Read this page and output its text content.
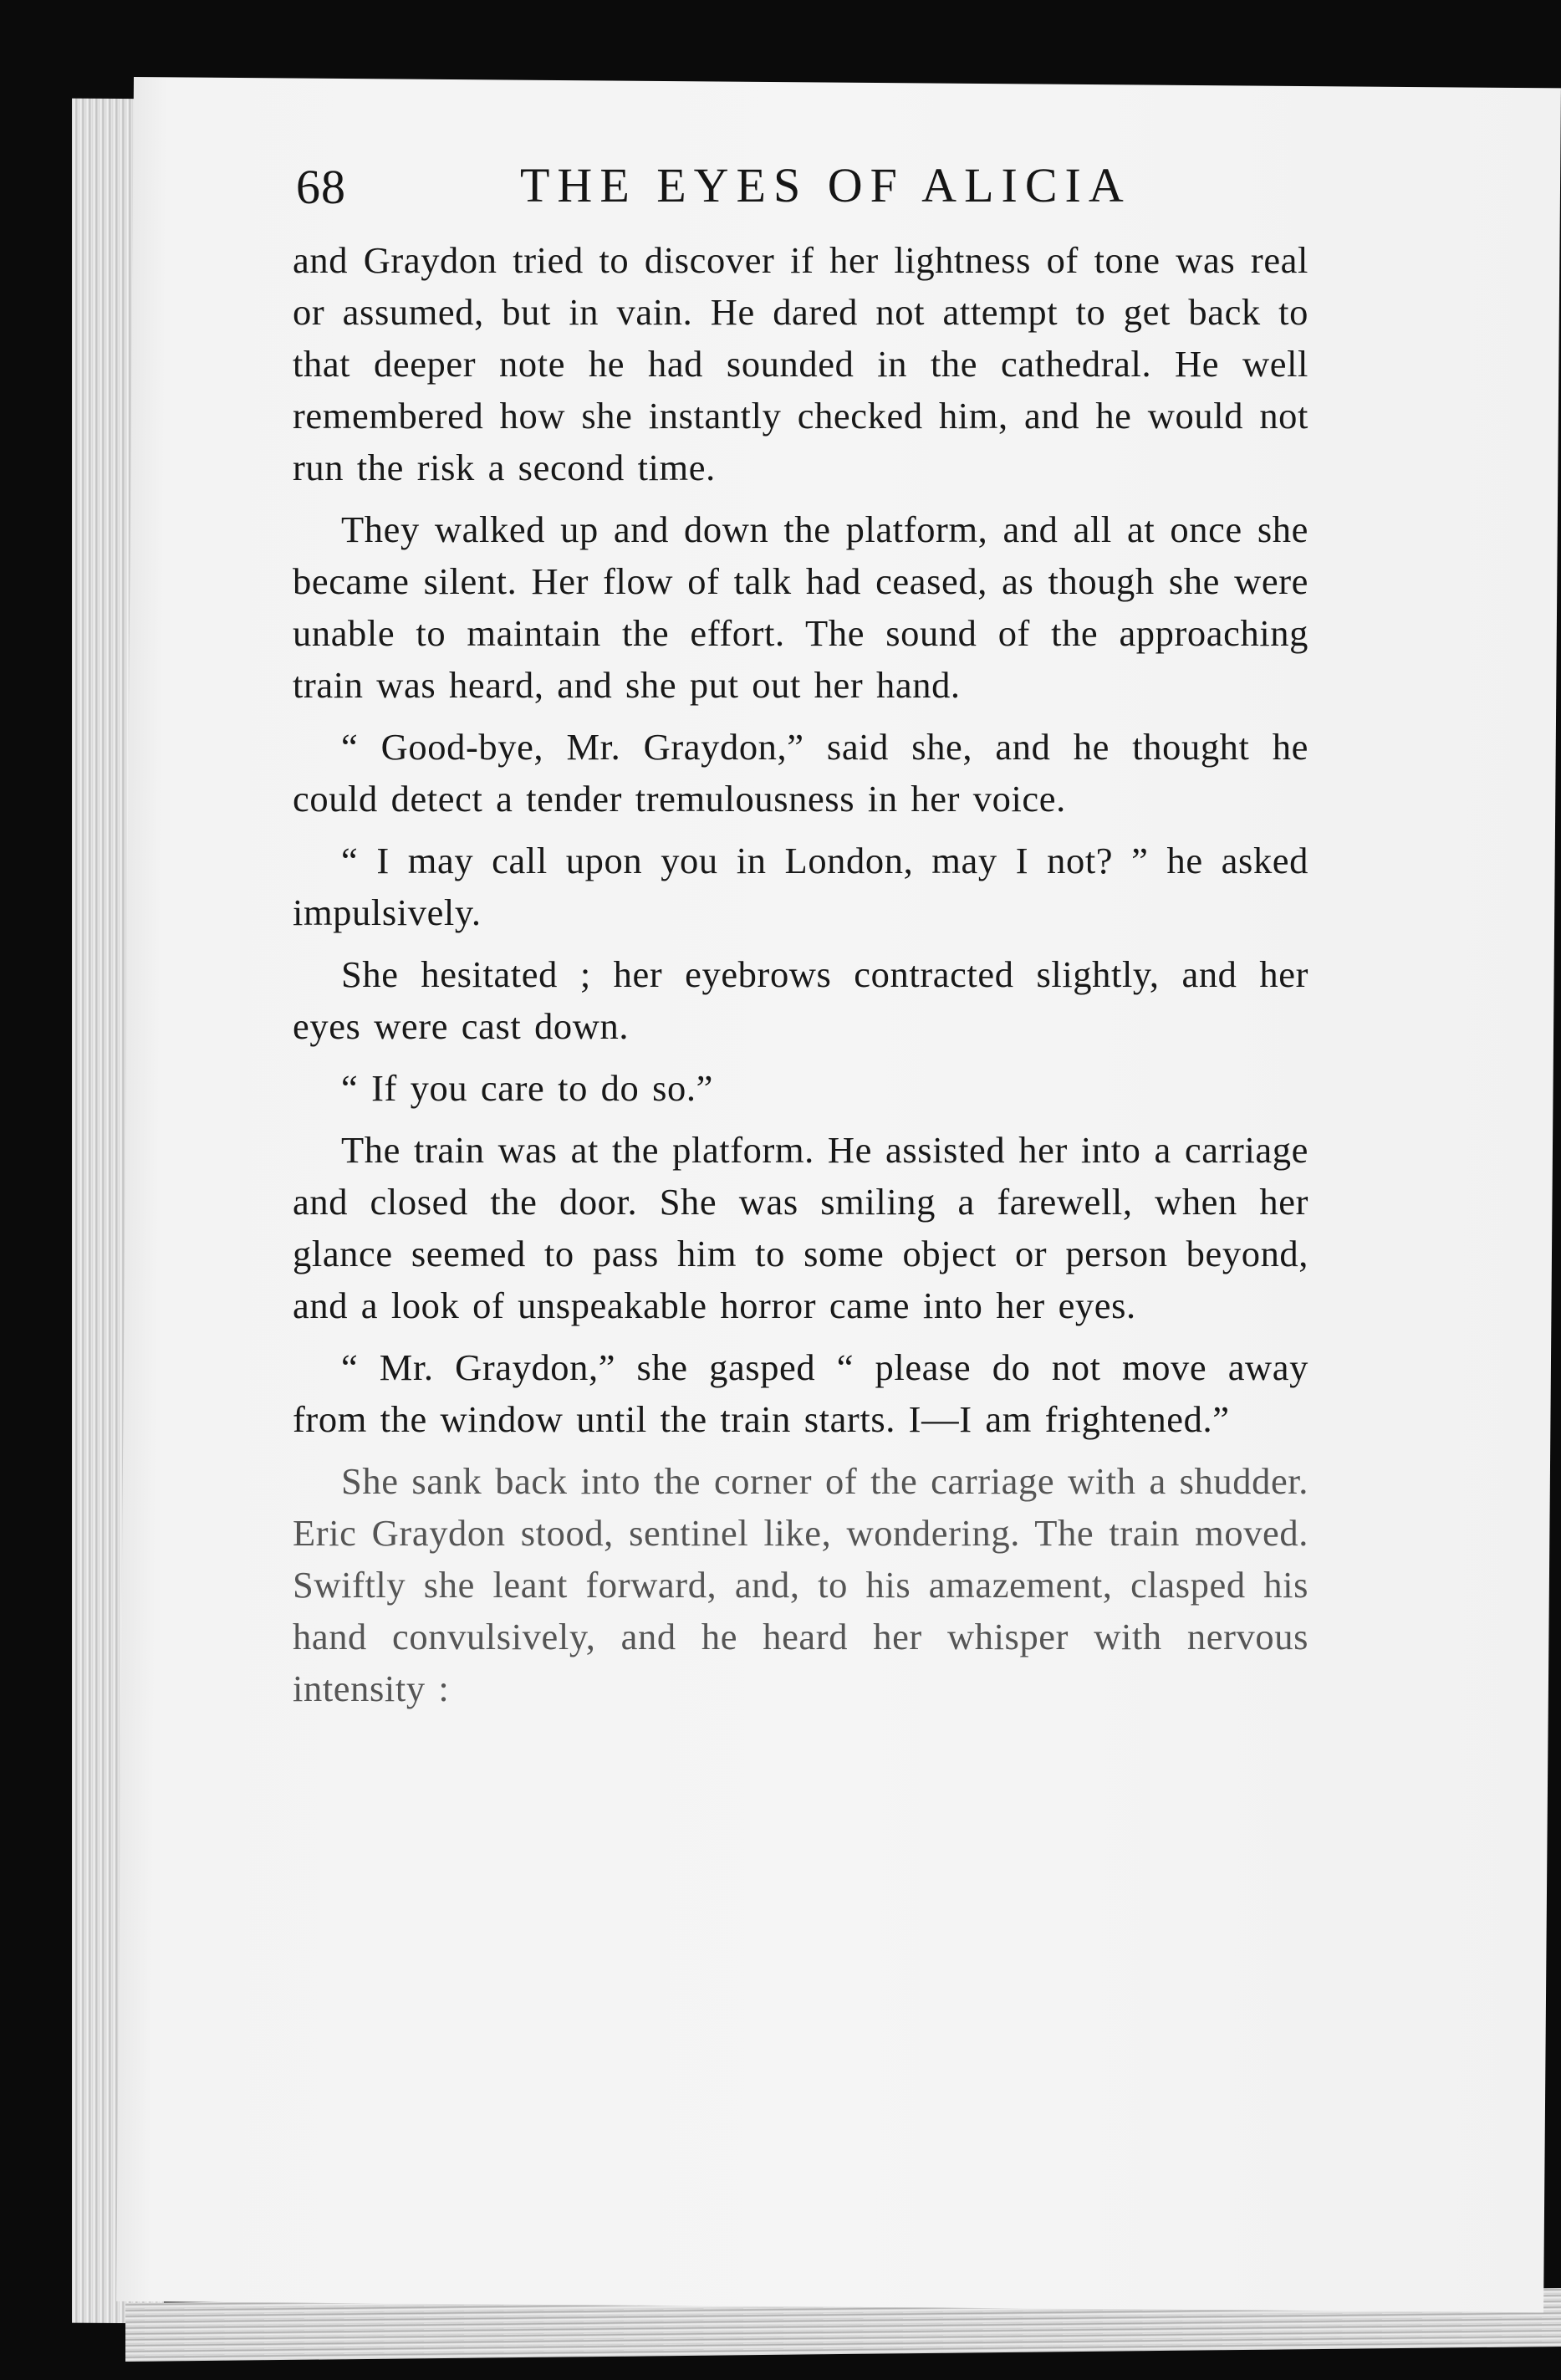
68	THE EYES OF ALICIA

and Graydon tried to discover if her lightness of tone was real or assumed, but in vain. He dared not attempt to get back to that deeper note he had sounded in the cathedral. He well remembered how she instantly checked him, and he would not run the risk a second time.

They walked up and down the platform, and all at once she became silent. Her flow of talk had ceased, as though she were unable to maintain the effort. The sound of the approaching train was heard, and she put out her hand.

“ Good-bye, Mr. Graydon,” said she, and he thought he could detect a tender tremulousness in her voice.

“ I may call upon you in London, may I not? ” he asked impulsively.

She hesitated ; her eyebrows contracted slightly, and her eyes were cast down.

“ If you care to do so.”

The train was at the platform. He assisted her into a carriage and closed the door. She was smiling a farewell, when her glance seemed to pass him to some object or person beyond, and a look of unspeakable horror came into her eyes.

“ Mr. Graydon,” she gasped “ please do not move away from the window until the train starts. I—I am frightened.”

She sank back into the corner of the carriage with a shudder. Eric Graydon stood, sentinel like, wondering. The train moved. Swiftly she leant forward, and, to his amazement, clasped his hand convulsively, and he heard her whisper with nervous intensity :
